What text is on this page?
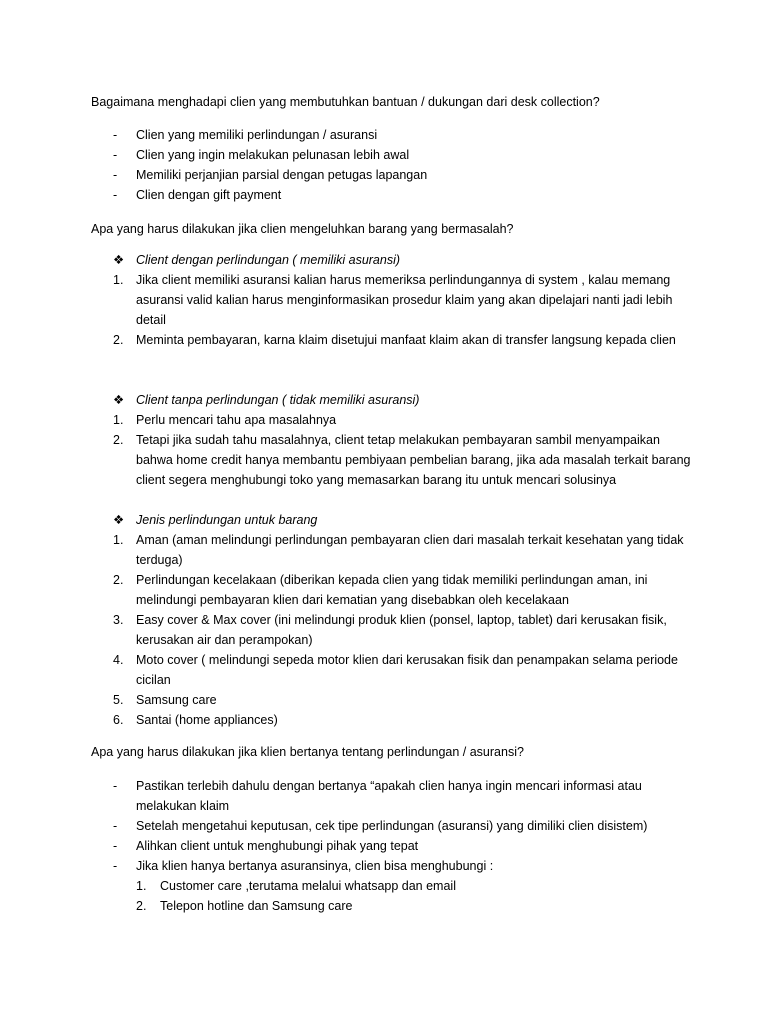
Bagaimana menghadapi clien yang membutuhkan bantuan / dukungan dari desk collection?

- Clien yang memiliki perlindungan / asuransi
- Clien yang ingin melakukan pelunasan lebih awal
- Memiliki perjanjian parsial dengan petugas lapangan
- Clien dengan gift payment

Apa yang harus dilakukan jika clien mengeluhkan barang yang bermasalah?

❖ Client dengan perlindungan ( memiliki asuransi)
1. Jika client memiliki asuransi kalian harus memeriksa perlindungannya di system , kalau memang asuransi valid kalian harus menginformasikan prosedur klaim yang akan dipelajari nanti jadi lebih detail
2. Meminta pembayaran, karna klaim disetujui manfaat klaim akan di transfer langsung kepada clien
❖ Client tanpa perlindungan ( tidak memiliki asuransi)
1. Perlu mencari tahu apa masalahnya
2. Tetapi jika sudah tahu masalahnya, client tetap melakukan pembayaran sambil menyampaikan bahwa home credit hanya membantu pembiyaan pembelian barang, jika ada masalah terkait barang client segera menghubungi toko yang memasarkan barang itu untuk mencari solusinya
❖ Jenis perlindungan untuk barang
1. Aman (aman melindungi perlindungan pembayaran clien dari masalah terkait kesehatan yang tidak terduga)
2. Perlindungan kecelakaan (diberikan kepada clien yang tidak memiliki perlindungan aman, ini melindungi pembayaran klien dari kematian yang disebabkan oleh kecelakaan
3. Easy cover & Max cover (ini melindungi produk klien (ponsel, laptop, tablet) dari kerusakan fisik, kerusakan air dan perampokan)
4. Moto cover ( melindungi sepeda motor klien dari kerusakan fisik dan penampakan selama periode cicilan
5. Samsung care
6. Santai (home appliances)

Apa yang harus dilakukan jika klien bertanya tentang perlindungan / asuransi?

- Pastikan terlebih dahulu dengan bertanya “apakah clien hanya ingin mencari informasi atau melakukan klaim
- Setelah mengetahui keputusan, cek tipe perlindungan (asuransi) yang dimiliki clien disistem)
- Alihkan client untuk menghubungi pihak yang tepat
- Jika klien hanya bertanya asuransinya, clien bisa menghubungi :
1. Customer care ,terutama melalui whatsapp dan email
2. Telepon hotline dan Samsung care
